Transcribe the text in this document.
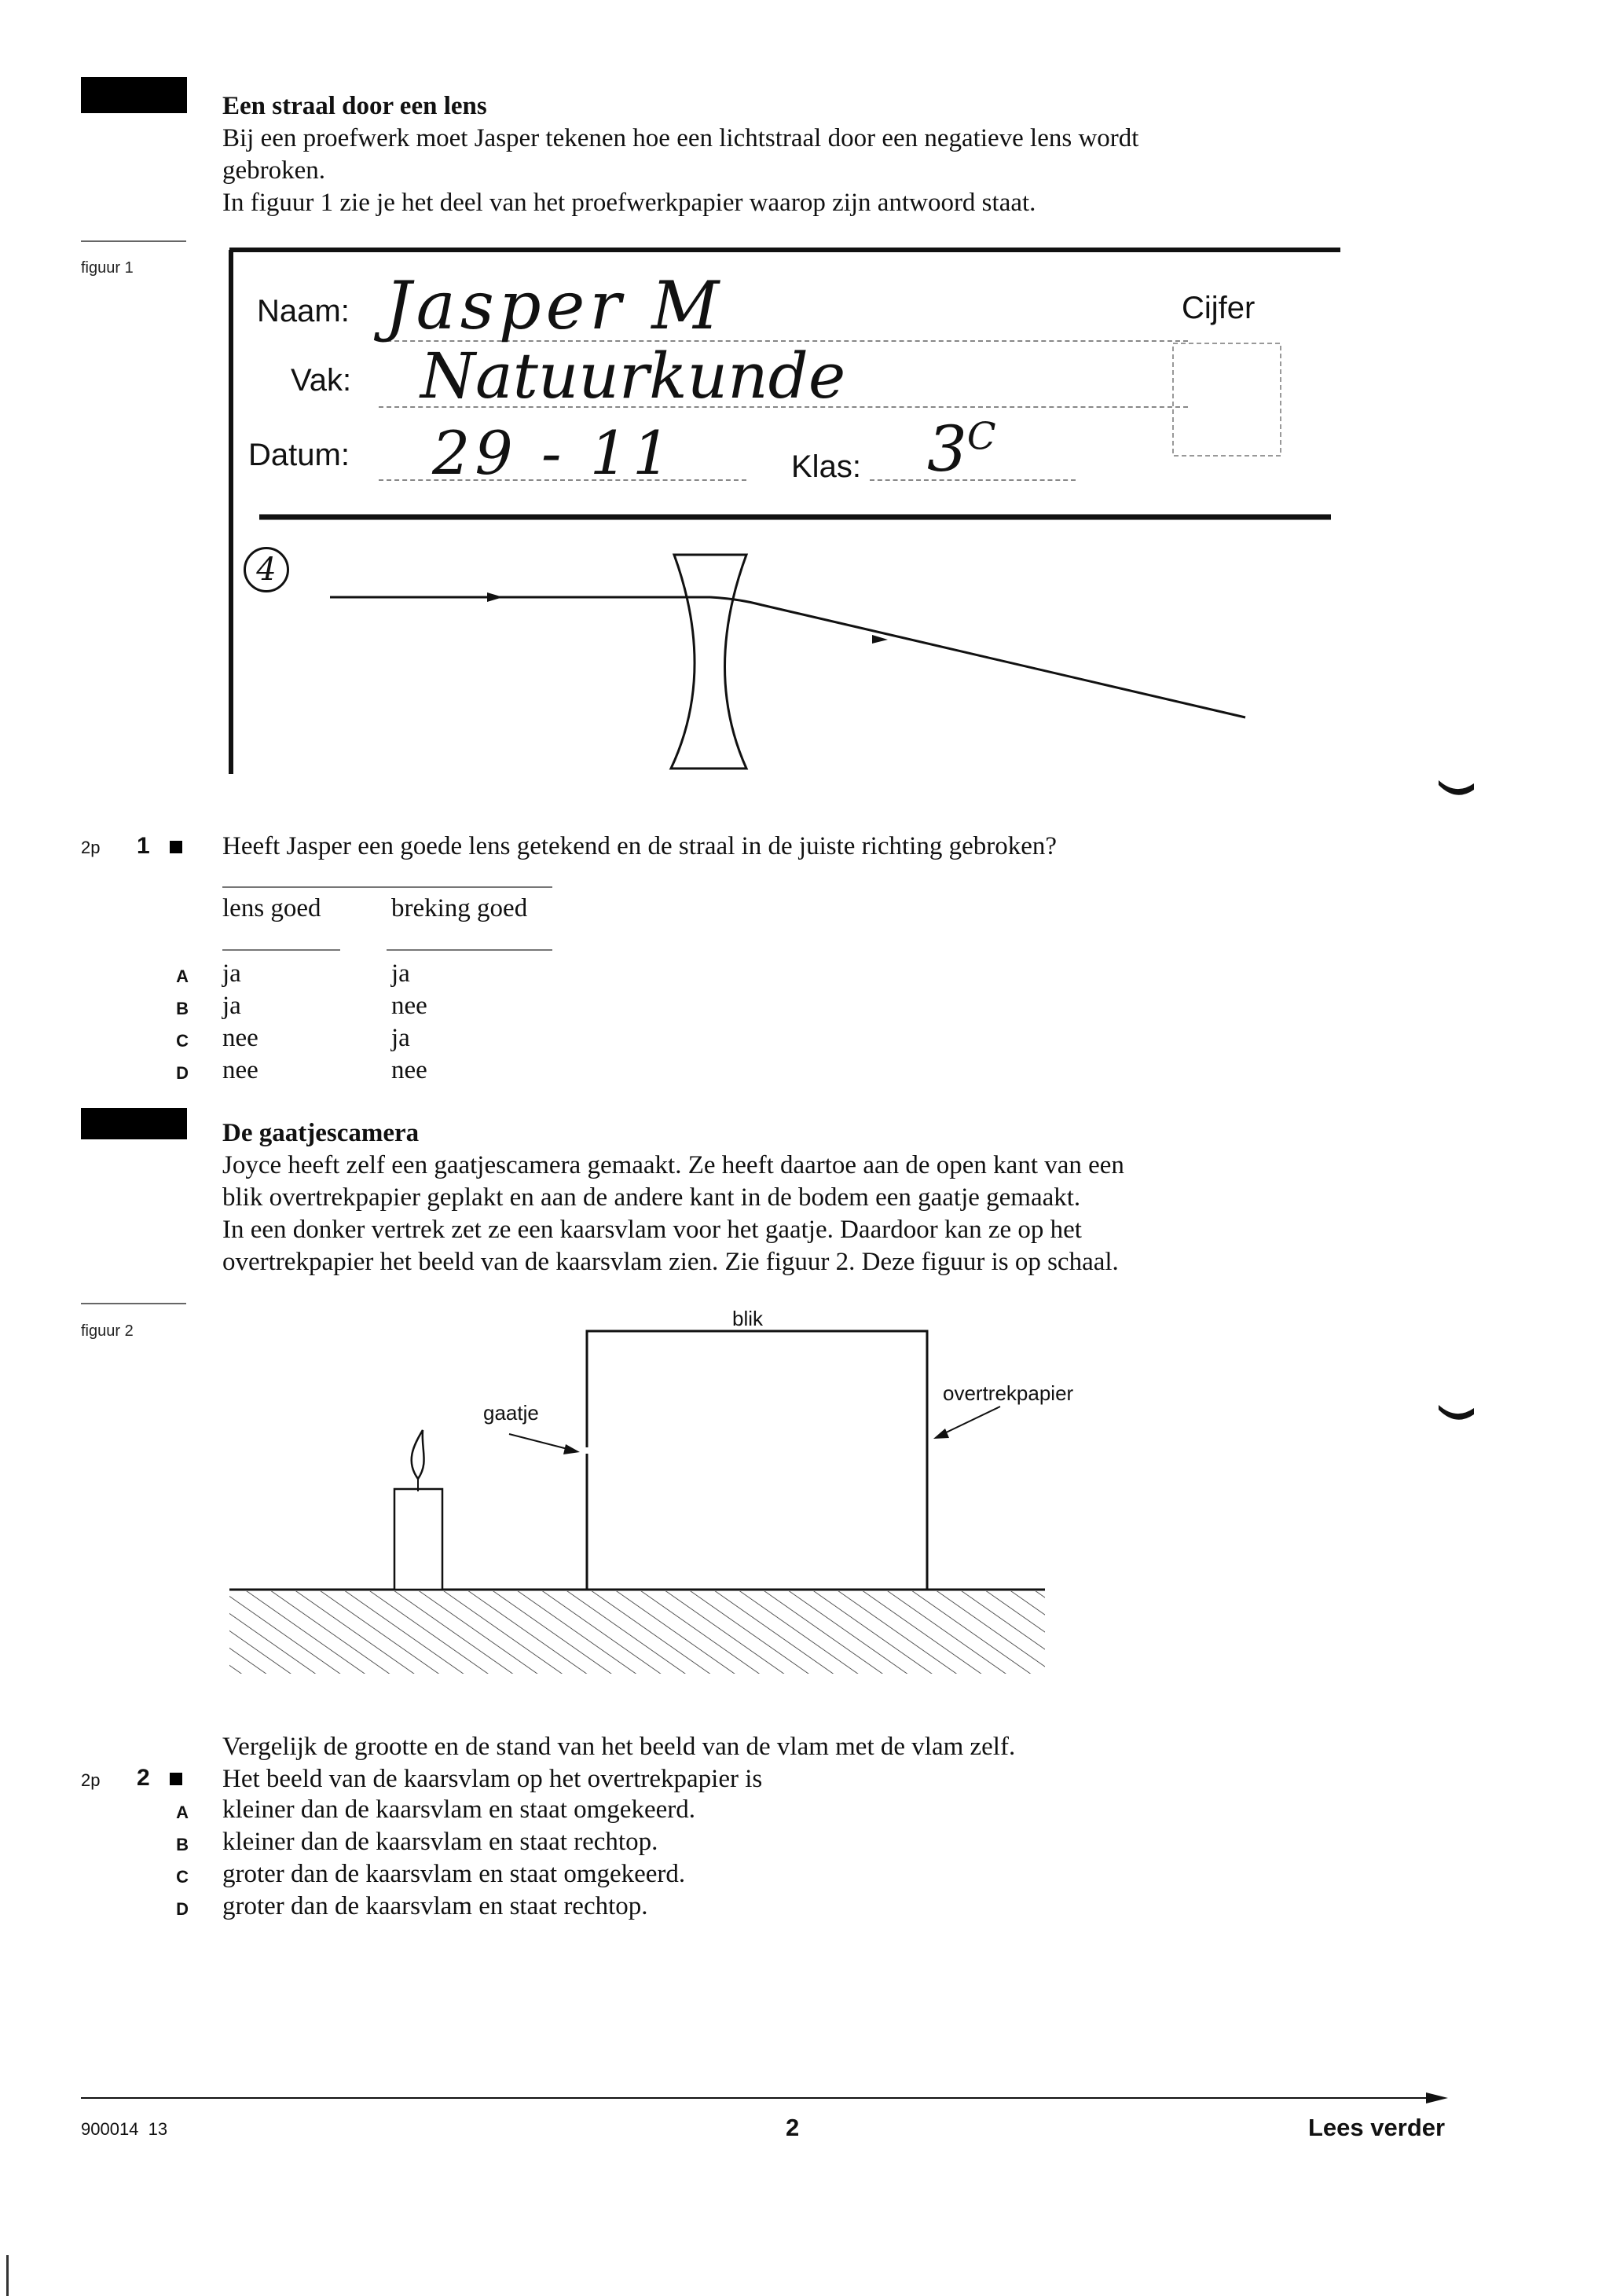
Een straal door een lens
Bij een proefwerk moet Jasper tekenen hoe een lichtstraal door een negatieve lens wordt
gebroken.
In figuur 1 zie je het deel van het proefwerkpapier waarop zijn antwoord staat.
figuur 1
Naam: Jasper M
Vak: Natuurkunde
Datum: 29 - 11	Klas: $3^C$
Cijfer
4
2p 1	Heeft Jasper een goede lens getekend en de straal in de juiste richting gebroken?
lens goed	breking goed
A ja	ja
B ja	nee
C nee	ja
D nee	nee
De gaatjescamera
Joyce heeft zelf een gaatjescamera gemaakt. Ze heeft daartoe aan de open kant van een
blik overtrekpapier geplakt en aan de andere kant in de bodem een gaatje gemaakt.
In een donker vertrek zet ze een kaarsvlam voor het gaatje. Daardoor kan ze op het
overtrekpapier het beeld van de kaarsvlam zien. Zie figuur 2. Deze figuur is op schaal.
figuur 2
blik
gaatje
overtrekpapier
Vergelijk de grootte en de stand van het beeld van de vlam met de vlam zelf.
2p 2	Het beeld van de kaarsvlam op het overtrekpapier is
A kleiner dan de kaarsvlam en staat omgekeerd.
B kleiner dan de kaarsvlam en staat rechtop.
C groter dan de kaarsvlam en staat omgekeerd.
D groter dan de kaarsvlam en staat rechtop.
900014  13	2	Lees verder
